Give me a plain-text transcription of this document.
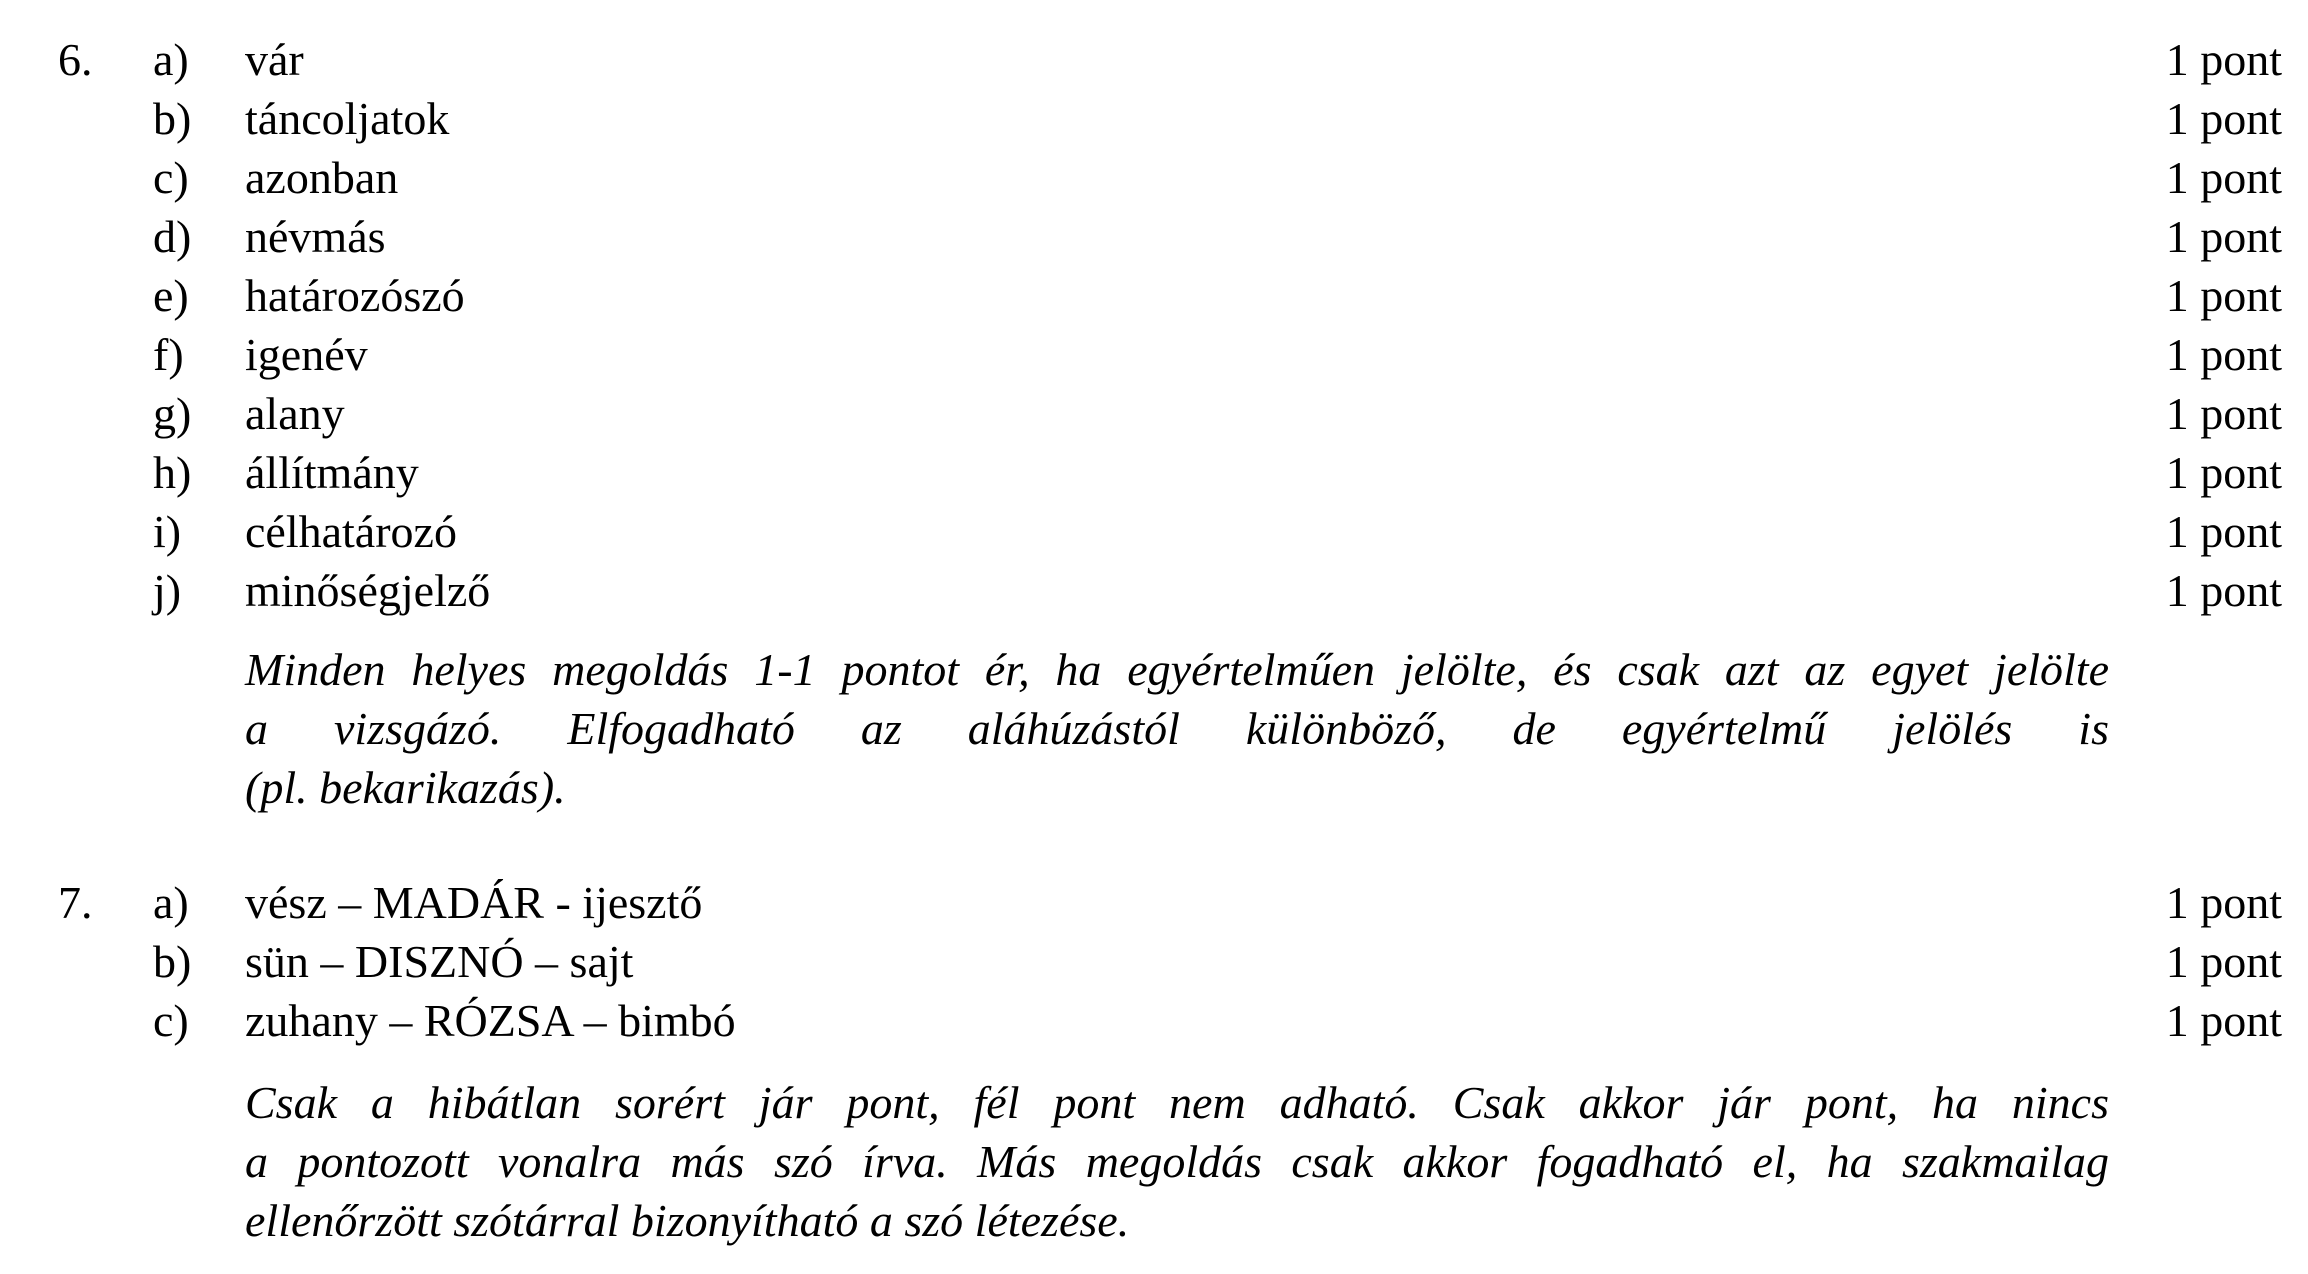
6. a) vár	1 pont
b) táncoljatok	1 pont
c) azonban	1 pont
d) névmás	1 pont
e) határozószó	1 pont
f) igenév	1 pont
g) alany	1 pont
h) állítmány	1 pont
i) célhatározó	1 pont
j) minőségjelző	1 pont
Minden helyes megoldás 1-1 pontot ér, ha egyértelműen jelölte, és csak azt az egyet jelölte
a vizsgázó. Elfogadható az aláhúzástól különböző, de egyértelmű jelölés is
(pl. bekarikazás).
7. a) vész – MADÁR - ijesztő	1 pont
b) sün – DISZNÓ – sajt	1 pont
c) zuhany – RÓZSA – bimbó	1 pont
Csak a hibátlan sorért jár pont, fél pont nem adható. Csak akkor jár pont, ha nincs
a pontozott vonalra más szó írva. Más megoldás csak akkor fogadható el, ha szakmailag
ellenőrzött szótárral bizonyítható a szó létezése.
